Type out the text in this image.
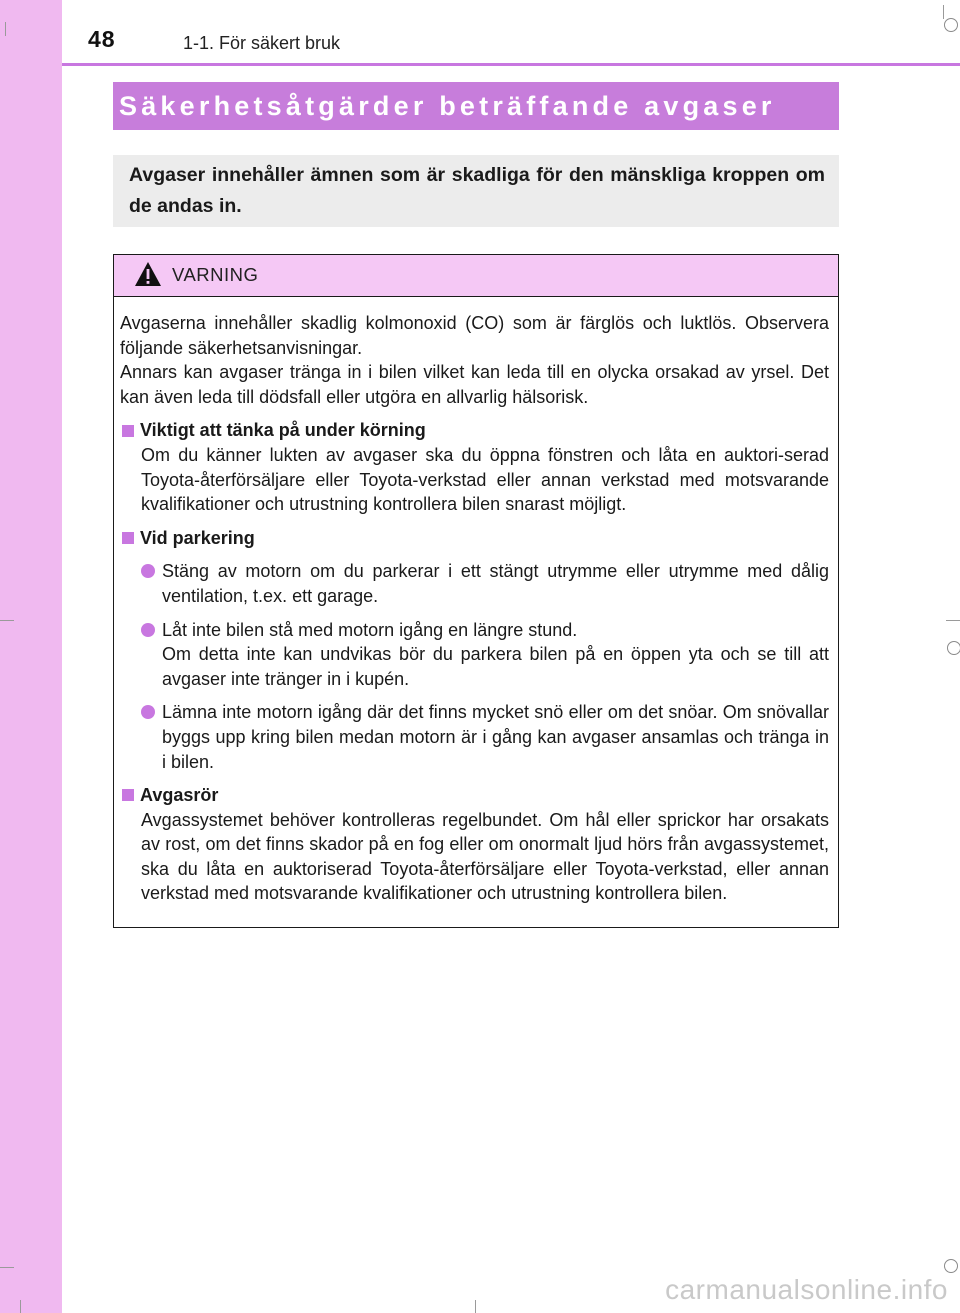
48	1-1. För säkert bruk
Säkerhetsåtgärder beträffande avgaser
Avgaser innehåller ämnen som är skadliga för den mänskliga kroppen om de andas in.
VARNING

Avgaserna innehåller skadlig kolmonoxid (CO) som är färglös och luktlös. Observera följande säkerhetsanvisningar.

Annars kan avgaser tränga in i bilen vilket kan leda till en olycka orsakad av yrsel. Det kan även leda till dödsfall eller utgöra en allvarlig hälsorisk.

Viktigt att tänka på under körning

Om du känner lukten av avgaser ska du öppna fönstren och låta en auktori-serad Toyota-återförsäljare eller Toyota-verkstad eller annan verkstad med motsvarande kvalifikationer och utrustning kontrollera bilen snarast möjligt.

Vid parkering
Stäng av motorn om du parkerar i ett stängt utrymme eller utrymme med dålig ventilation, t.ex. ett garage.
Låt inte bilen stå med motorn igång en längre stund.
Om detta inte kan undvikas bör du parkera bilen på en öppen yta och se till att avgaser inte tränger in i kupén.
Lämna inte motorn igång där det finns mycket snö eller om det snöar. Om snövallar byggs upp kring bilen medan motorn är i gång kan avgaser ansamlas och tränga in i bilen.
Avgasrör

Avgassystemet behöver kontrolleras regelbundet. Om hål eller sprickor har orsakats av rost, om det finns skador på en fog eller om onormalt ljud hörs från avgassystemet, ska du låta en auktoriserad Toyota-återförsäljare eller Toyota-verkstad, eller annan verkstad med motsvarande kvalifikationer och utrustning kontrollera bilen.

carmanualsonline.info
